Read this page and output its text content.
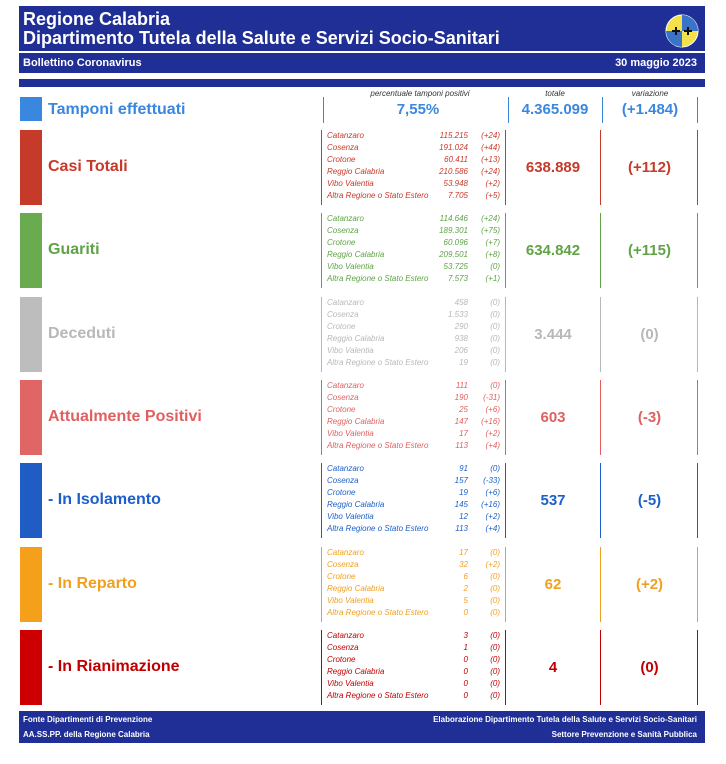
Regione Calabria
Dipartimento Tutela della Salute e Servizi Socio-Sanitari
Bollettino Coronavirus	30 maggio 2023
percentuale tamponi positivi	totale	variazione
Tamponi effettuati	7,55%	4.365.099	(+1.484)
Casi Totali
Catanzaro	115.215	(+24)
Cosenza	191.024	(+44)
Crotone	60.411	(+13)
Reggio Calabria	210.586	(+24)
Vibo Valentia	53.948	(+2)
Altra Regione o Stato Estero	7.705	(+5)
638.889	(+112)
Guariti
Catanzaro	114.646	(+24)
Cosenza	189.301	(+75)
Crotone	60.096	(+7)
Reggio Calabria	209.501	(+8)
Vibo Valentia	53.725	(0)
Altra Regione o Stato Estero	7.573	(+1)
634.842	(+115)
Deceduti
Catanzaro	458	(0)
Cosenza	1.533	(0)
Crotone	290	(0)
Reggio Calabria	938	(0)
Vibo Valentia	206	(0)
Altra Regione o Stato Estero	19	(0)
3.444	(0)
Attualmente Positivi
Catanzaro	111	(0)
Cosenza	190	(-31)
Crotone	25	(+6)
Reggio Calabria	147	(+16)
Vibo Valentia	17	(+2)
Altra Regione o Stato Estero	113	(+4)
603	(-3)
- In Isolamento
Catanzaro	91	(0)
Cosenza	157	(-33)
Crotone	19	(+6)
Reggio Calabria	145	(+16)
Vibo Valentia	12	(+2)
Altra Regione o Stato Estero	113	(+4)
537	(-5)
- In Reparto
Catanzaro	17	(0)
Cosenza	32	(+2)
Crotone	6	(0)
Reggio Calabria	2	(0)
Vibo Valentia	5	(0)
Altra Regione o Stato Estero	0	(0)
62	(+2)
- In Rianimazione
Catanzaro	3	(0)
Cosenza	1	(0)
Crotone	0	(0)
Reggio Calabria	0	(0)
Vibo Valentia	0	(0)
Altra Regione o Stato Estero	0	(0)
4	(0)
Fonte Dipartimenti di Prevenzione
AA.SS.PP. della Regione Calabria
Elaborazione Dipartimento Tutela della Salute e Servizi Socio-Sanitari
Settore Prevenzione e Sanità Pubblica
